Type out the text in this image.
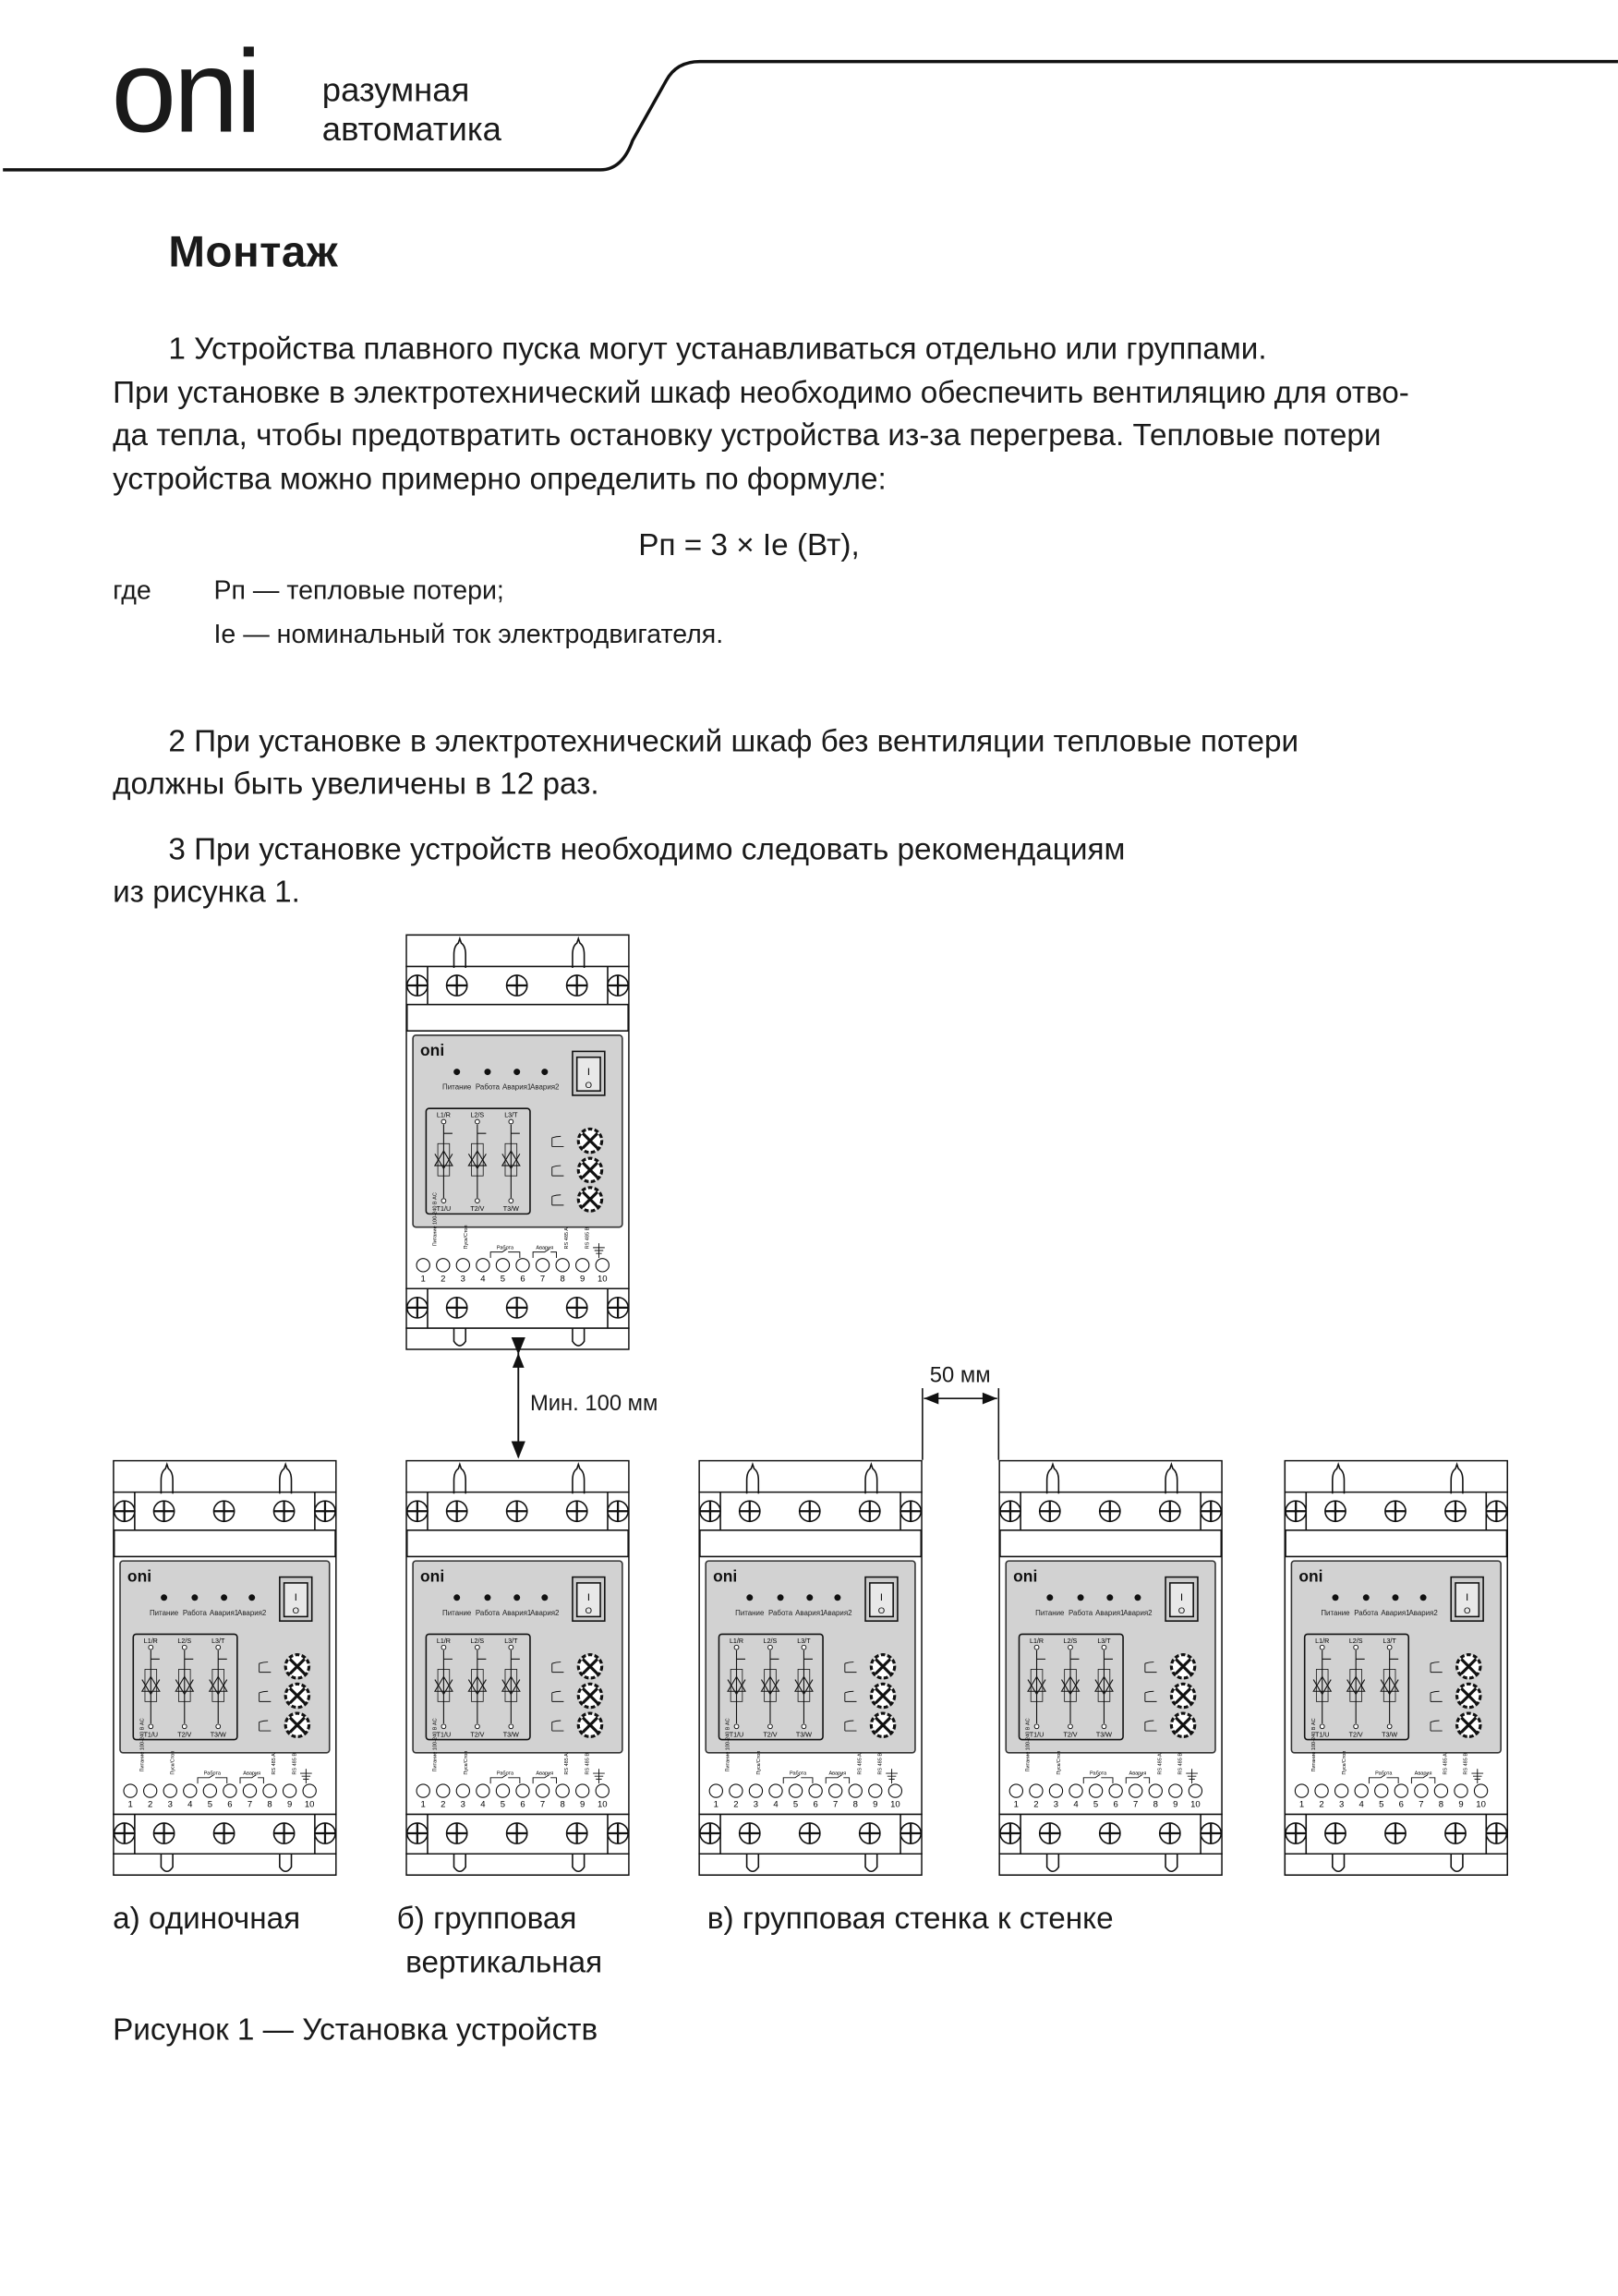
oni	разумная
автоматика
Монтаж
1 Устройства плавного пуска могут устанавливаться отдельно или группами.
При установке в электротехнический шкаф необходимо обеспечить вентиляцию для отво-
да тепла, чтобы предотвратить остановку устройства из-за перегрева. Тепловые потери
устройства можно примерно определить по формуле:
Pп = 3 × Ie (Вт),
где	Pп — тепловые потери;
Ie — номинальный ток электродвигателя.
2 При установке в электротехнический шкаф без вентиляции тепловые потери
должны быть увеличены в 12 раз.
3 При установке устройств необходимо следовать рекомендациям
из рисунка 1.
oni
Питание Работа Авария1
Авария2
I
O
L1/R
T1/U
L2/S
T2/V
L3/T
T3/W
Питание 100-240 В AC	Пуск/Стоп	Работа	Авария	RS 485 A	RS 485 B
1	2	3	4	5	6	7	8	9 10
oni
Питание Работа Авария1
Авария2
I
O
L1/R
T1/U
L2/S
T2/V
L3/T
T3/W
Питание 100-240 В AC	Пуск/Стоп	Работа	Авария	RS 485 A	RS 485 B
1	2	3	4	5	6	7	8	9 10
oni
Питание Работа Авария1
Авария2
I
O
L1/R
T1/U
L2/S
T2/V
L3/T
T3/W
Питание 100-240 В AC	Пуск/Стоп	Работа	Авария	RS 485 A	RS 485 B
1	2	3	4	5	6	7	8	9 10
oni
Питание Работа Авария1
Авария2
I
O
L1/R
T1/U
L2/S
T2/V
L3/T
T3/W
Питание 100-240 В AC	Пуск/Стоп	Работа	Авария	RS 485 A	RS 485 B
1	2	3	4	5	6	7	8	9 10
oni
Питание Работа Авария1
Авария2
I
O
L1/R
T1/U
L2/S
T2/V
L3/T
T3/W
Питание 100-240 В AC	Пуск/Стоп	Работа	Авария	RS 485 A	RS 485 B
1	2	3	4	5	6	7	8	9 10
oni
Питание Работа Авария1
Авария2
I
O
L1/R
T1/U
L2/S
T2/V
L3/T
T3/W
Питание 100-240 В AC	Пуск/Стоп	Работа	Авария	RS 485 A	RS 485 B
1	2	3	4	5	6	7	8	9 10
Мин. 100 мм
50 мм
а) одиночная	б) групповая
вертикальная
в) групповая стенка к стенке
Рисунок 1 — Установка устройств
